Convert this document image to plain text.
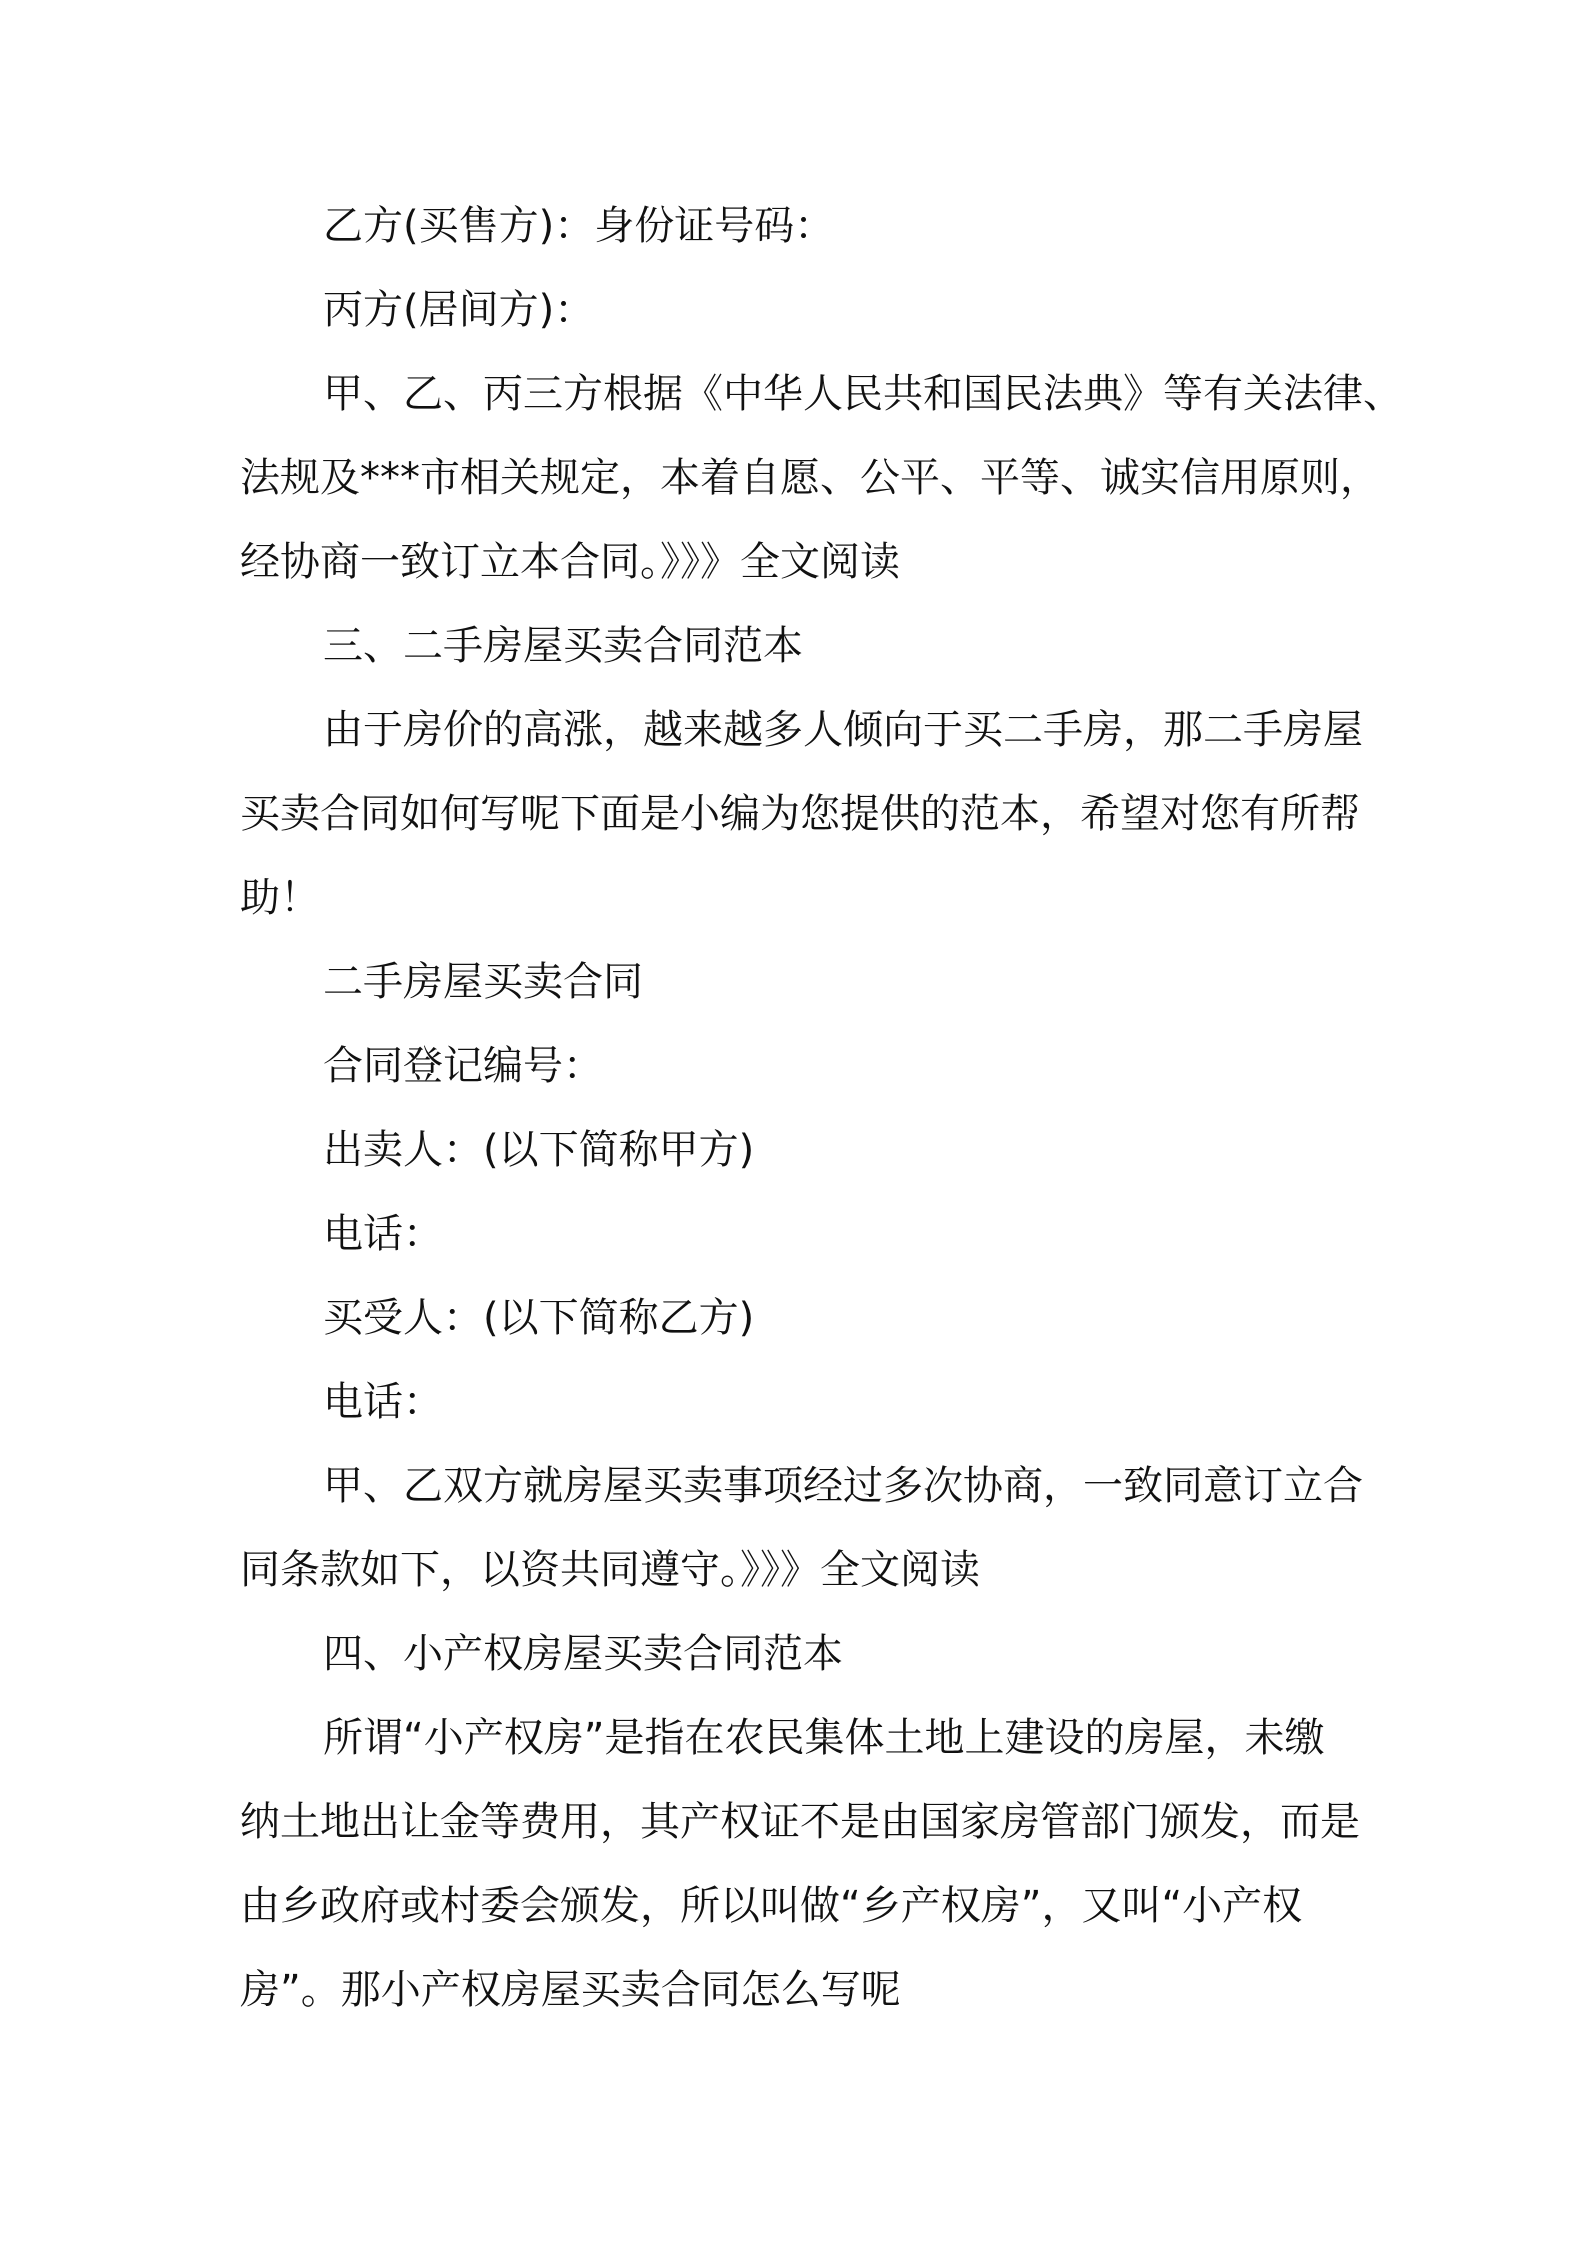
乙方(买售方)：身份证号码：
丙方(居间方)：
甲、乙、丙三方根据《中华人民共和国民法典》等有关法律、
法规及***市相关规定，本着自愿、公平、平等、诚实信用原则，
经协商一致订立本合同。》》》全文阅读
三、二手房屋买卖合同范本
由于房价的高涨，越来越多人倾向于买二手房，那二手房屋
买卖合同如何写呢下面是小编为您提供的范本，希望对您有所帮
助！
二手房屋买卖合同
合同登记编号：
出卖人：(以下简称甲方)
电话：
买受人：(以下简称乙方)
电话：
甲、乙双方就房屋买卖事项经过多次协商，一致同意订立合
同条款如下，以资共同遵守。》》》全文阅读
四、小产权房屋买卖合同范本
所谓“小产权房”是指在农民集体土地上建设的房屋，未缴
纳土地出让金等费用，其产权证不是由国家房管部门颁发，而是
由乡政府或村委会颁发，所以叫做“乡产权房”，又叫“小产权
房”。那小产权房屋买卖合同怎么写呢
